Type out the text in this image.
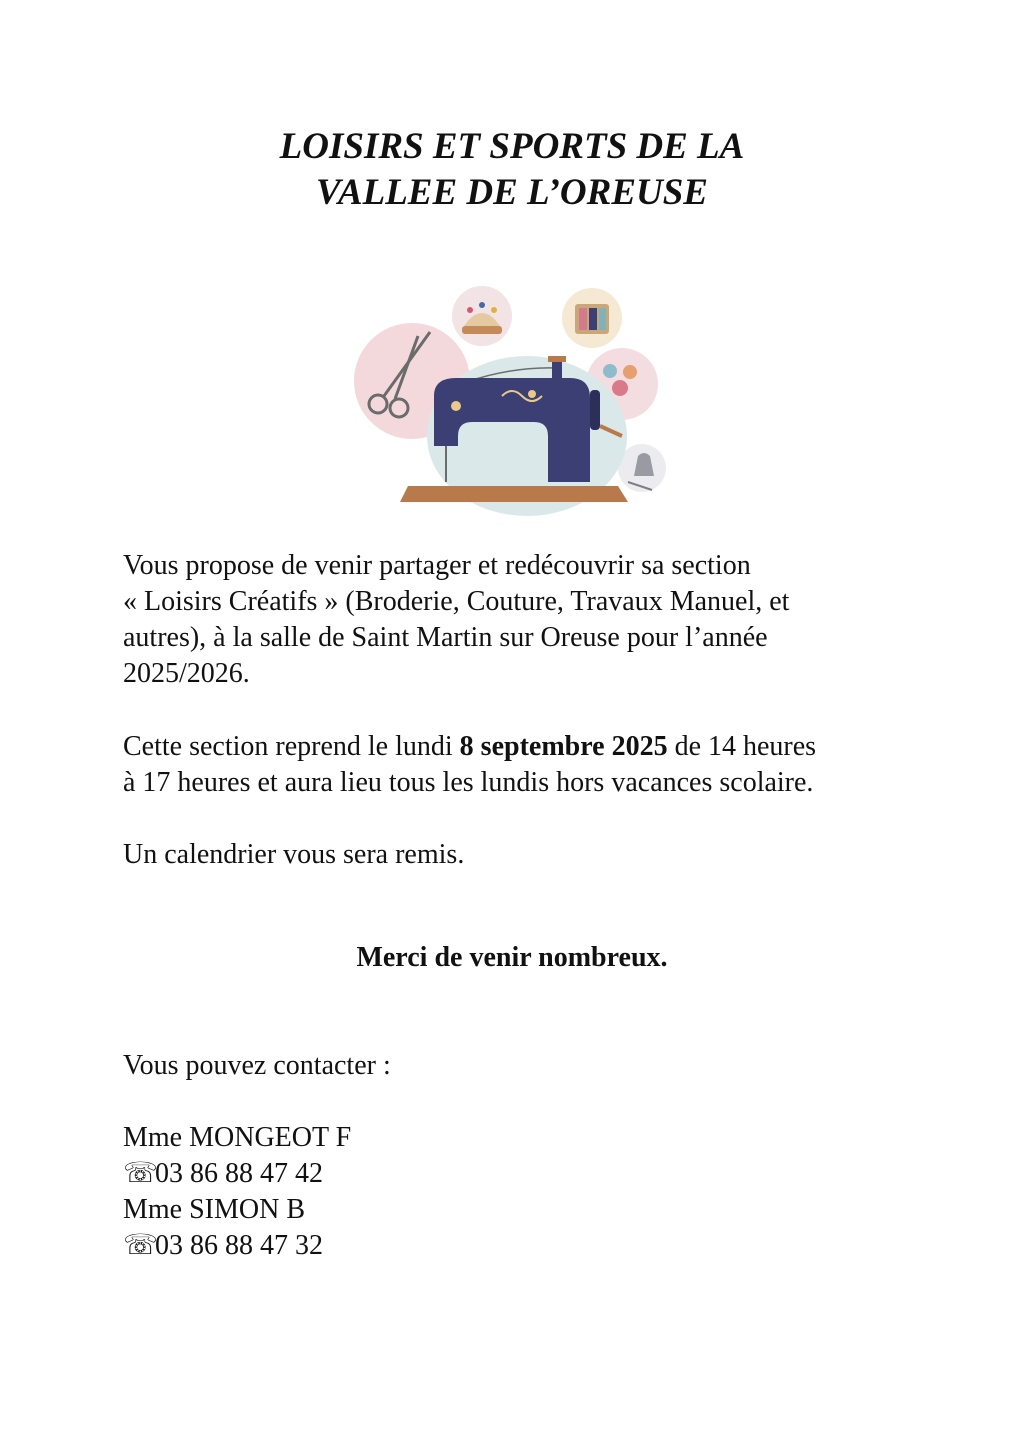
LOISIRS ET SPORTS DE LA
VALLEE DE L’OREUSE
Vous propose de venir partager et redécouvrir sa section
« Loisirs Créatifs » (Broderie, Couture, Travaux Manuel, et
autres), à la salle de Saint Martin sur Oreuse pour l’année
2025/2026.
Cette section reprend le lundi 8 septembre 2025 de 14 heures
à 17 heures et aura lieu tous les lundis hors vacances scolaire.
Un calendrier vous sera remis.
Merci de venir nombreux.
Vous pouvez contacter :
Mme MONGEOT F
☏03 86 88 47 42
Mme SIMON B
☏03 86 88 47 32
